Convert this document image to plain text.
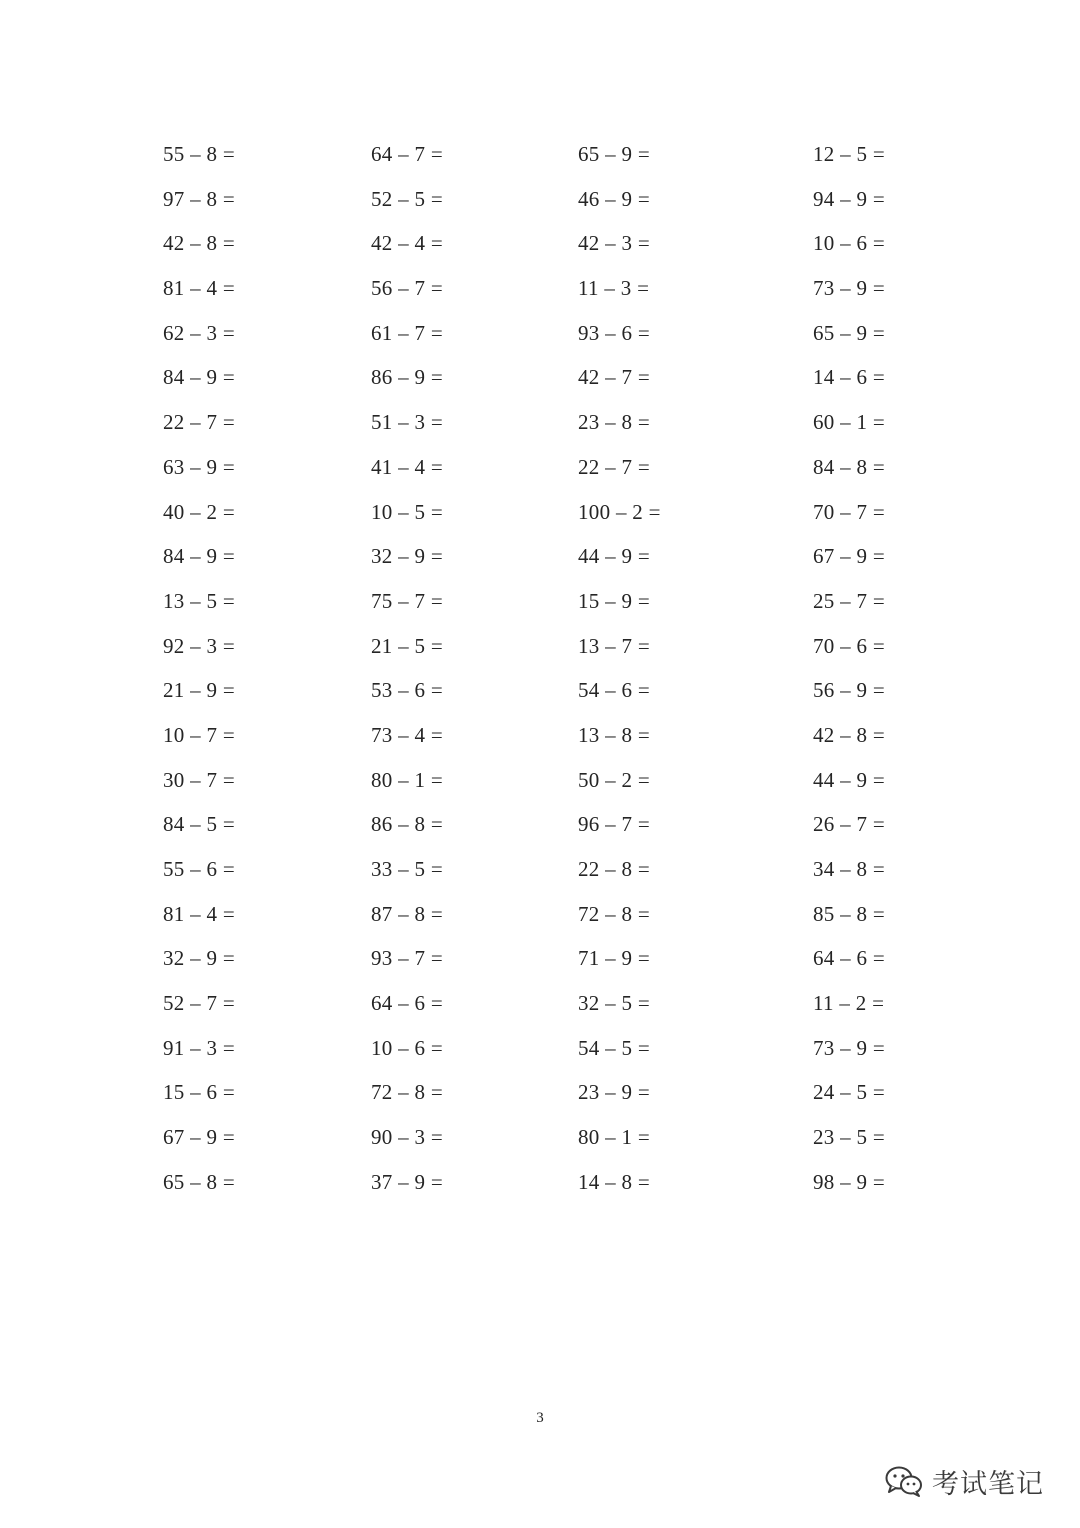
55 – 8 =	64 – 7 =	65 – 9 =	12 – 5 =
97 – 8 =	52 – 5 =	46 – 9 =	94 – 9 =
42 – 8 =	42 – 4 =	42 – 3 =	10 – 6 =
81 – 4 =	56 – 7 =	11 – 3 =	73 – 9 =
62 – 3 =	61 – 7 =	93 – 6 =	65 – 9 =
84 – 9 =	86 – 9 =	42 – 7 =	14 – 6 =
22 – 7 =	51 – 3 =	23 – 8 =	60 – 1 =
63 – 9 =	41 – 4 =	22 – 7 =	84 – 8 =
40 – 2 =	10 – 5 =	100 – 2 =	70 – 7 =
84 – 9 =	32 – 9 =	44 – 9 =	67 – 9 =
13 – 5 =	75 – 7 =	15 – 9 =	25 – 7 =
92 – 3 =	21 – 5 =	13 – 7 =	70 – 6 =
21 – 9 =	53 – 6 =	54 – 6 =	56 – 9 =
10 – 7 =	73 – 4 =	13 – 8 =	42 – 8 =
30 – 7 =	80 – 1 =	50 – 2 =	44 – 9 =
84 – 5 =	86 – 8 =	96 – 7 =	26 – 7 =
55 – 6 =	33 – 5 =	22 – 8 =	34 – 8 =
81 – 4 =	87 – 8 =	72 – 8 =	85 – 8 =
32 – 9 =	93 – 7 =	71 – 9 =	64 – 6 =
52 – 7 =	64 – 6 =	32 – 5 =	11 – 2 =
91 – 3 =	10 – 6 =	54 – 5 =	73 – 9 =
15 – 6 =	72 – 8 =	23 – 9 =	24 – 5 =
67 – 9 =	90 – 3 =	80 – 1 =	23 – 5 =
65 – 8 =	37 – 9 =	14 – 8 =	98 – 9 =
3
考试笔记
